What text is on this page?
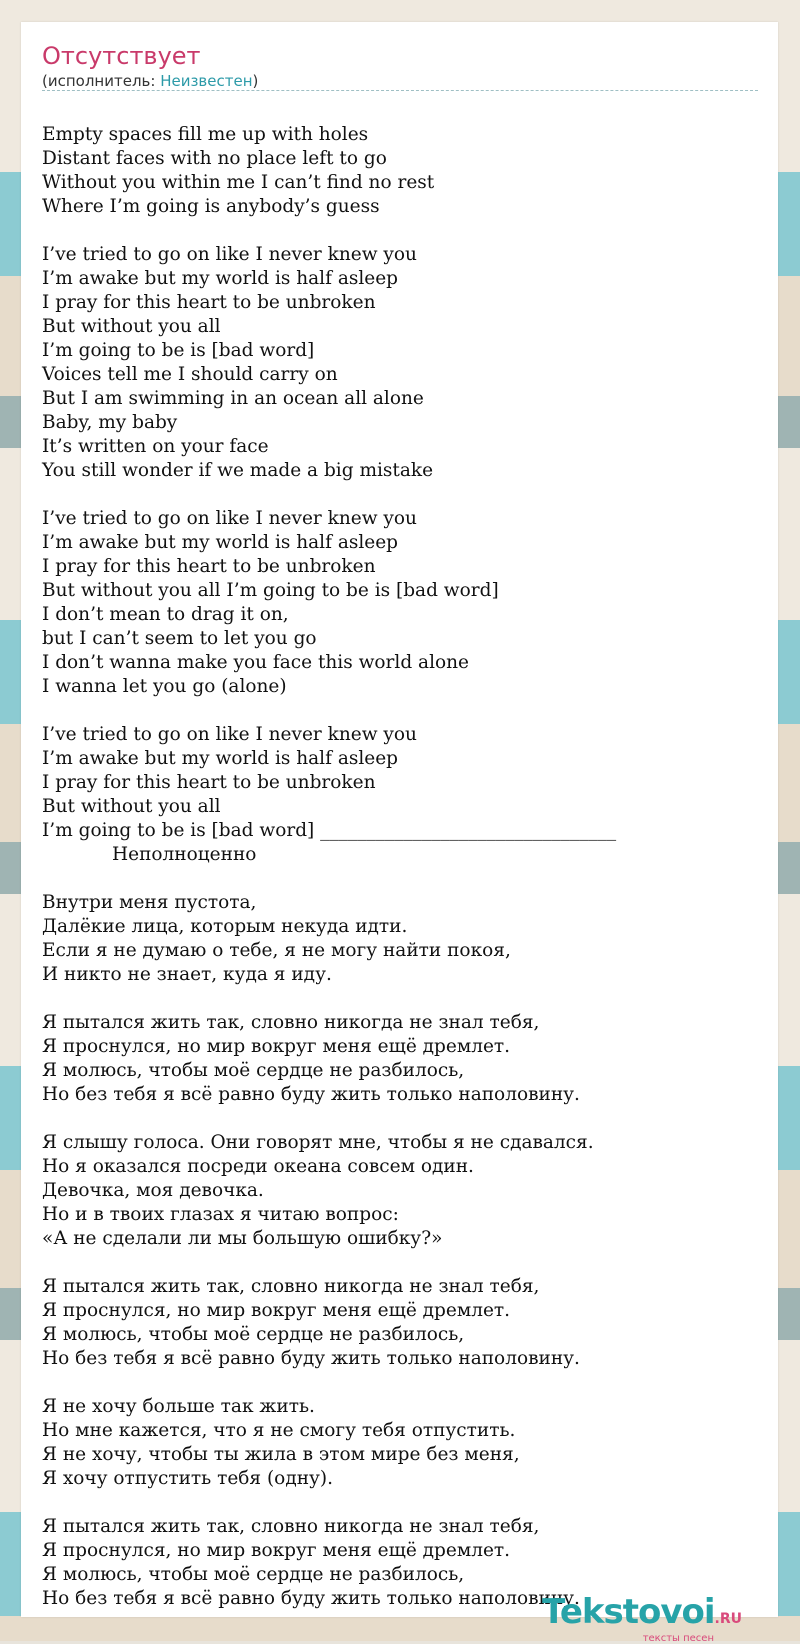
Отсутствует
(исполнитель: Неизвестен)
Empty spaces fill me up with holes
Distant faces with no place left to go
Without you within me I can’t find no rest
Where I’m going is anybody’s guess
I’ve tried to go on like I never knew you
I’m awake but my world is half asleep
I pray for this heart to be unbroken
But without you all
I’m going to be is [bad word]
Voices tell me I should carry on
But I am swimming in an ocean all alone
Baby, my baby
It’s written on your face
You still wonder if we made a big mistake
I’ve tried to go on like I never knew you
I’m awake but my world is half asleep
I pray for this heart to be unbroken
But without you all I’m going to be is [bad word]
I don’t mean to drag it on,
but I can’t seem to let you go
I don’t wanna make you face this world alone
I wanna let you go (alone)
I’ve tried to go on like I never knew you
I’m awake but my world is half asleep
I pray for this heart to be unbroken
But without you all
I’m going to be is [bad word] ________________________________
Неполноценно
Внутри меня пустота,
Далёкие лица, которым некуда идти.
Если я не думаю о тебе, я не могу найти покоя,
И никто не знает, куда я иду.
Я пытался жить так, словно никогда не знал тебя,
Я проснулся, но мир вокруг меня ещё дремлет.
Я молюсь, чтобы моё сердце не разбилось,
Но без тебя я всё равно буду жить только наполовину.
Я слышу голоса. Они говорят мне, чтобы я не сдавался.
Но я оказался посреди океана совсем один.
Девочка, моя девочка.
Но и в твоих глазах я читаю вопрос:
«А не сделали ли мы большую ошибку?»
Я пытался жить так, словно никогда не знал тебя,
Я проснулся, но мир вокруг меня ещё дремлет.
Я молюсь, чтобы моё сердце не разбилось,
Но без тебя я всё равно буду жить только наполовину.
Я не хочу больше так жить.
Но мне кажется, что я не смогу тебя отпустить.
Я не хочу, чтобы ты жила в этом мире без меня,
Я хочу отпустить тебя (одну).
Я пытался жить так, словно никогда не знал тебя,
Я проснулся, но мир вокруг меня ещё дремлет.
Я молюсь, чтобы моё сердце не разбилось,
Но без тебя я всё равно буду жить только наполовину.
Tekstovoi.RU
тексты песен
